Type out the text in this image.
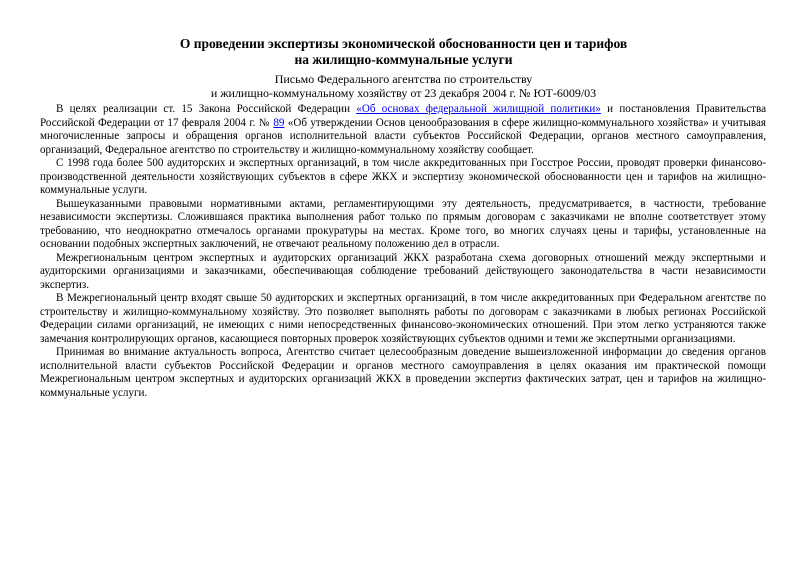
О проведении экспертизы экономической обоснованности цен и тарифов
на жилищно-коммунальные услуги
Письмо Федерального агентства по строительству
и жилищно-коммунальному хозяйству от 23 декабря 2004 г. № ЮТ-6009/03

В целях реализации ст. 15 Закона Российской Федерации «Об основах федеральной жилищной политики» и постановления Правительства Российской Федерации от 17 февраля 2004 г. № 89 «Об утверждении Основ ценообразования в сфере жилищно-коммунального хозяйства» и учитывая многочисленные запросы и обращения органов исполнительной власти субъектов Российской Федерации, органов местного самоуправления, организаций, Федеральное агентство по строительству и жилищно-коммунальному хозяйству сообщает.

С 1998 года более 500 аудиторских и экспертных организаций, в том числе аккредитованных при Госстрое России, проводят проверки финансово-производственной деятельности хозяйствующих субъектов в сфере ЖКХ и экспертизу экономической обоснованности цен и тарифов на жилищно-коммунальные услуги.

Вышеуказанными правовыми нормативными актами, регламентирующими эту деятельность, предусматривается, в частности, требование независимости экспертизы. Сложившаяся практика выполнения работ только по прямым договорам с заказчиками не вполне соответствует этому требованию, что неоднократно отмечалось органами прокуратуры на местах. Кроме того, во многих случаях цены и тарифы, установленные на основании подобных экспертных заключений, не отвечают реальному положению дел в отрасли.

Межрегиональным центром экспертных и аудиторских организаций ЖКХ разработана схема договорных отношений между экспертными и аудиторскими организациями и заказчиками, обеспечивающая соблюдение требований действующего законодательства в части независимости экспертиз.

В Межрегиональный центр входят свыше 50 аудиторских и экспертных организаций, в том числе аккредитованных при Федеральном агентстве по строительству и жилищно-коммунальному хозяйству. Это позволяет выполнять работы по договорам с заказчиками в любых регионах Российской Федерации силами организаций, не имеющих с ними непосредственных финансово-экономических отношений. При этом легко устраняются также замечания контролирующих органов, касающиеся повторных проверок хозяйствующих субъектов одними и теми же экспертными организациями.

Принимая во внимание актуальность вопроса, Агентство считает целесообразным доведение вышеизложенной информации до сведения органов исполнительной власти субъектов Российской Федерации и органов местного самоуправления в целях оказания им практической помощи Межрегиональным центром экспертных и аудиторских организаций ЖКХ в проведении экспертиз фактических затрат, цен и тарифов на жилищно-коммунальные услуги.
